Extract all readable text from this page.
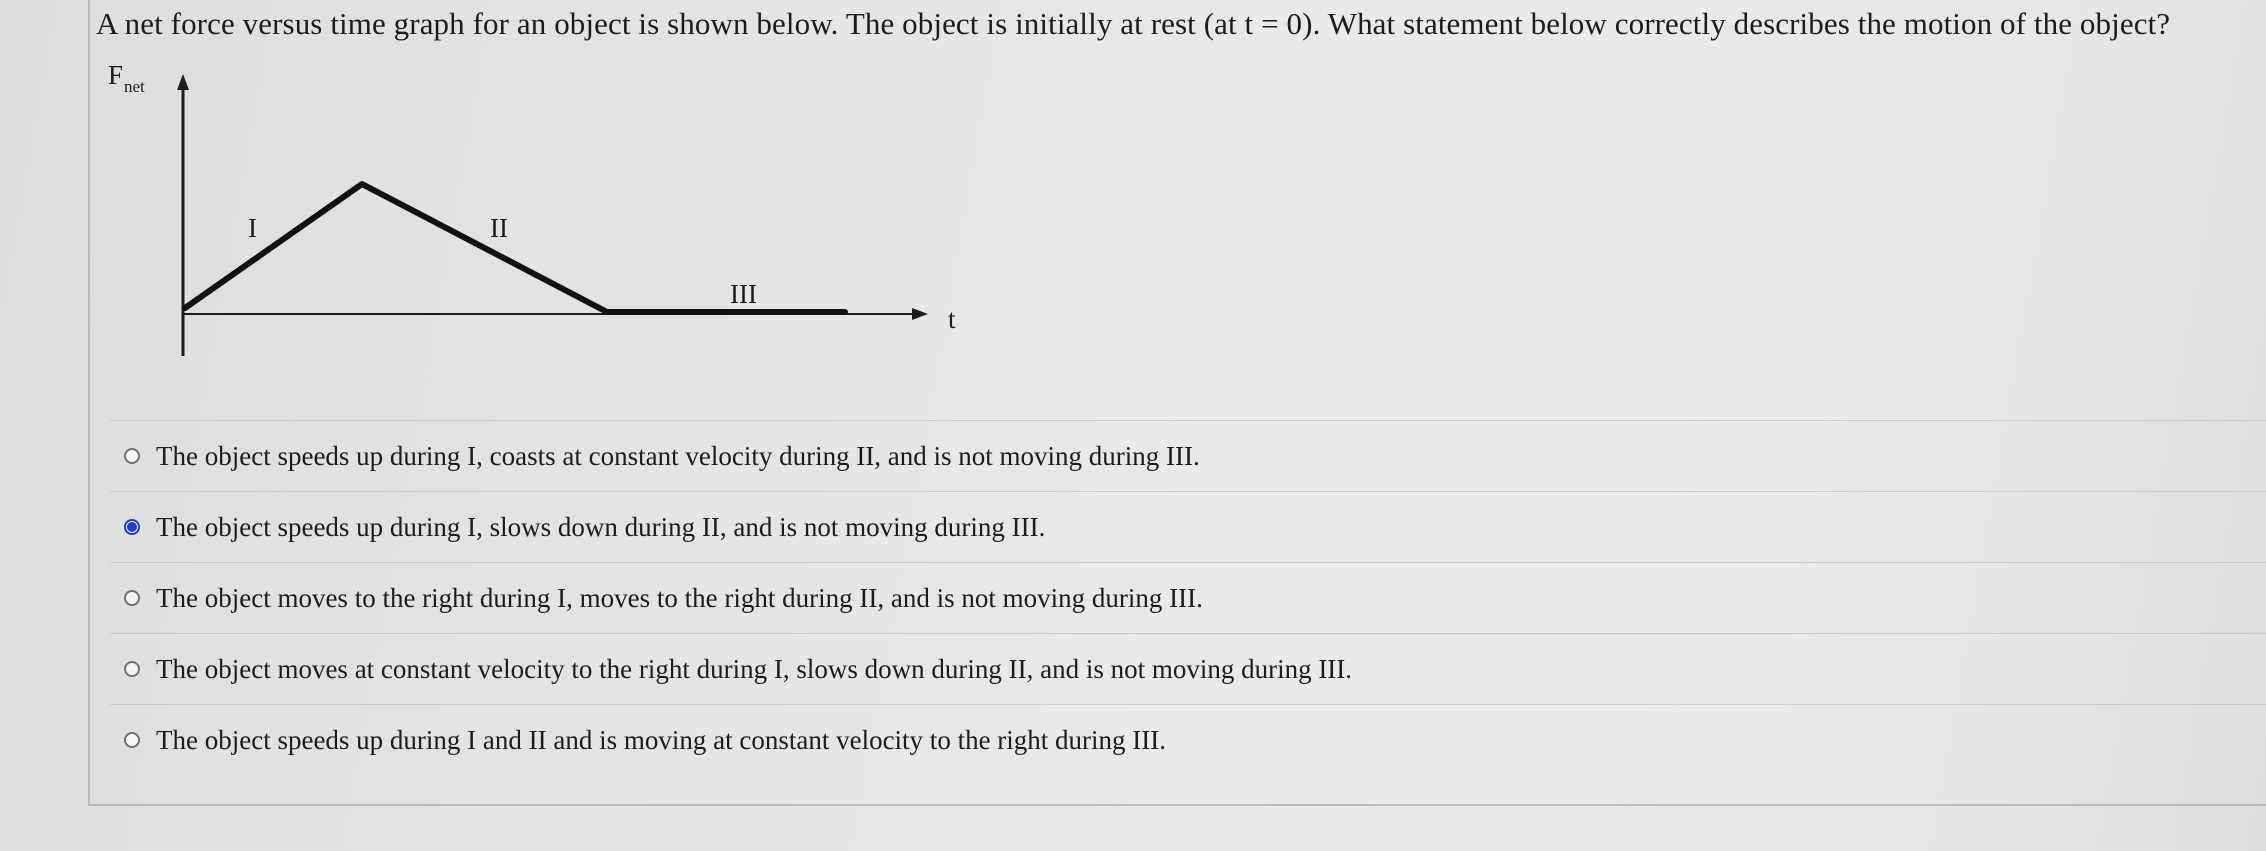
A net force versus time graph for an object is shown below. The object is initially at rest (at t = 0). What statement below correctly describes the motion of the object?
F net
t
I	II
III
The object speeds up during I, coasts at constant velocity during II, and is not moving during III.
The object speeds up during I, slows down during II, and is not moving during III.
The object moves to the right during I, moves to the right during II, and is not moving during III.
The object moves at constant velocity to the right during I, slows down during II, and is not moving during III.
The object speeds up during I and II and is moving at constant velocity to the right during III.
